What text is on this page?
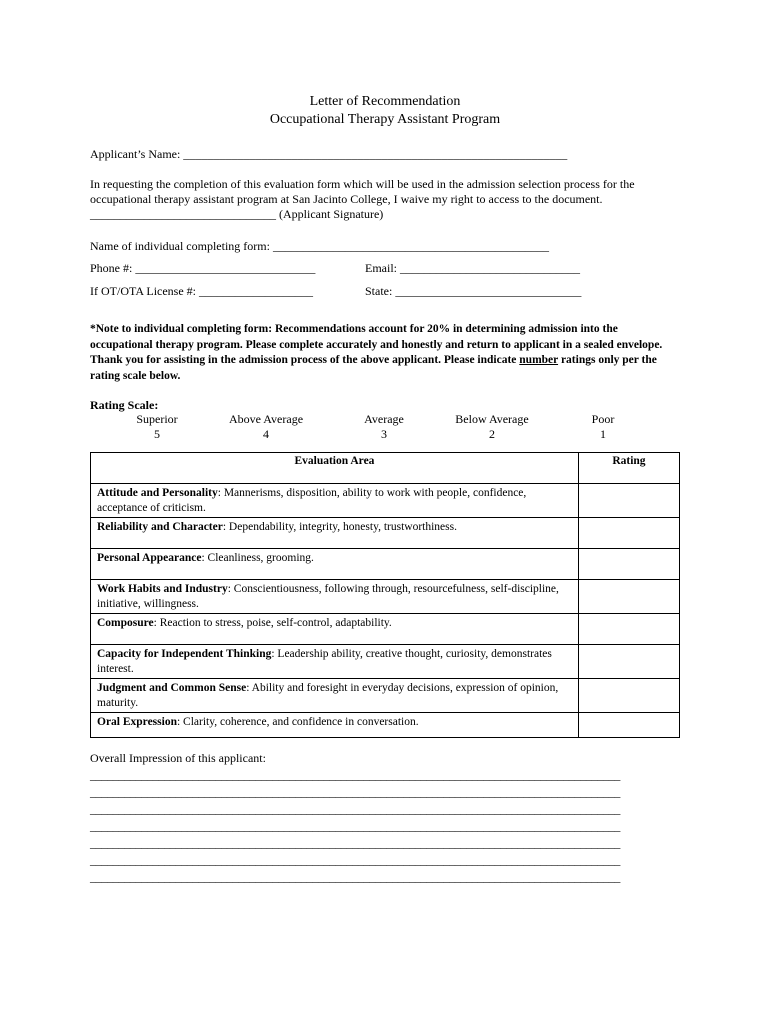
Letter of Recommendation
Occupational Therapy Assistant Program
Applicant’s Name: ________________________________________________________________
In requesting the completion of this evaluation form which will be used in the admission selection process for the
occupational therapy assistant program at San Jacinto College, I waive my right to access to the document.
_______________________________ (Applicant Signature)
Name of individual completing form: ______________________________________________
Phone #: ______________________________	Email: ______________________________
If OT/OTA License #: ___________________	State: _______________________________
*Note to individual completing form: Recommendations account for 20% in determining admission into the occupational therapy program. Please complete accurately and honestly and return to applicant in a sealed envelope. Thank you for assisting in the admission process of the above applicant. Please indicate number ratings only per the rating scale below.
Rating Scale:
Superior
5
Above Average
4
Average
3
Below Average
2
Poor
1
Evaluation Area	Rating
Attitude and Personality: Mannerisms, disposition, ability to work with people, confidence, acceptance of criticism.	
Reliability and Character: Dependability, integrity, honesty, trustworthiness.	
Personal Appearance: Cleanliness, grooming.	
Work Habits and Industry: Conscientiousness, following through, resourcefulness, self-discipline, initiative, willingness.	
Composure: Reaction to stress, poise, self-control, adaptability.	
Capacity for Independent Thinking: Leadership ability, creative thought, curiosity, demonstrates interest.	
Judgment and Common Sense: Ability and foresight in everyday decisions, expression of opinion, maturity.	
Oral Expression: Clarity, coherence, and confidence in conversation.	
Overall Impression of this applicant:
_____________________________________________________________________________________________
_____________________________________________________________________________________________
_____________________________________________________________________________________________
_____________________________________________________________________________________________
_____________________________________________________________________________________________
_____________________________________________________________________________________________
_____________________________________________________________________________________________
